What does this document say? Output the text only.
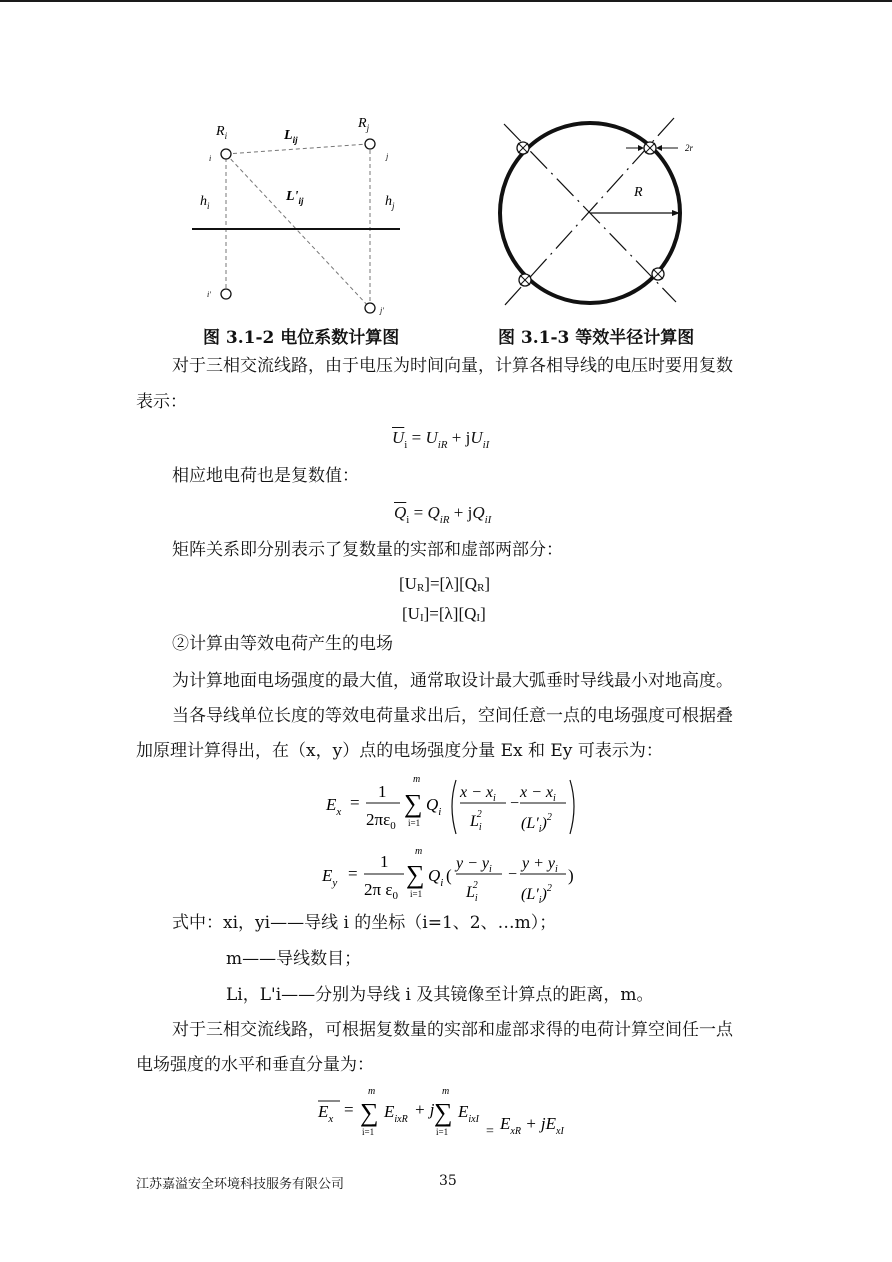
$R_i$
$R_j$
$L_{ij}$
$L'_{ij}$
$h_i$	$h_j$
i	j
i'
j'
图 3.1-2 电位系数计算图
2r
R
图 3.1-3 等效半径计算图
对于三相交流线路，由于电压为时间向量，计算各相导线的电压时要用复数
表示：
$\overline{U}_i = U_{iR} + jU_{iI}$
相应地电荷也是复数值：
$\overline{Q}_i = Q_{iR} + jQ_{iI}$
矩阵关系即分别表示了复数量的实部和虚部两部分：
[UR]=[λ][QR]
[UI]=[λ][QI]
②计算由等效电荷产生的电场
为计算地面电场强度的最大值，通常取设计最大弧垂时导线最小对地高度。
当各导线单位长度的等效电荷量求出后，空间任意一点的电场强度可根据叠
加原理计算得出，在（x，y）点的电场强度分量 Ex 和 Ey 可表示为：
$E_x$ =
1
$2\pi\varepsilon_0$
m
∑
i=1
$Q_i$
$x - x_i$
$L_i2$
−
$x - x_i$
$(L'_i)^2$
$E_y$ =
1
2π $\varepsilon_0$
m
∑
i=1
$Q_i$ (
$y - y_i$
$L_i2$
−
$y + y_i$
$(L'_i)^2$
)
式中：xi，yi——导线 i 的坐标（i=1、2、…m）；
m——导线数目；
Li，L'i——分别为导线 i 及其镜像至计算点的距离，m。
对于三相交流线路，可根据复数量的实部和虚部求得的电荷计算空间任一点
电场强度的水平和垂直分量为：
$E_x$ =
m
∑
i=1
$E_{ixR}$
+ j
m
∑
i=1
$E_{ixI}$
= $E_{xR} + jE_{xI}$
江苏嘉溢安全环境科技服务有限公司	35
